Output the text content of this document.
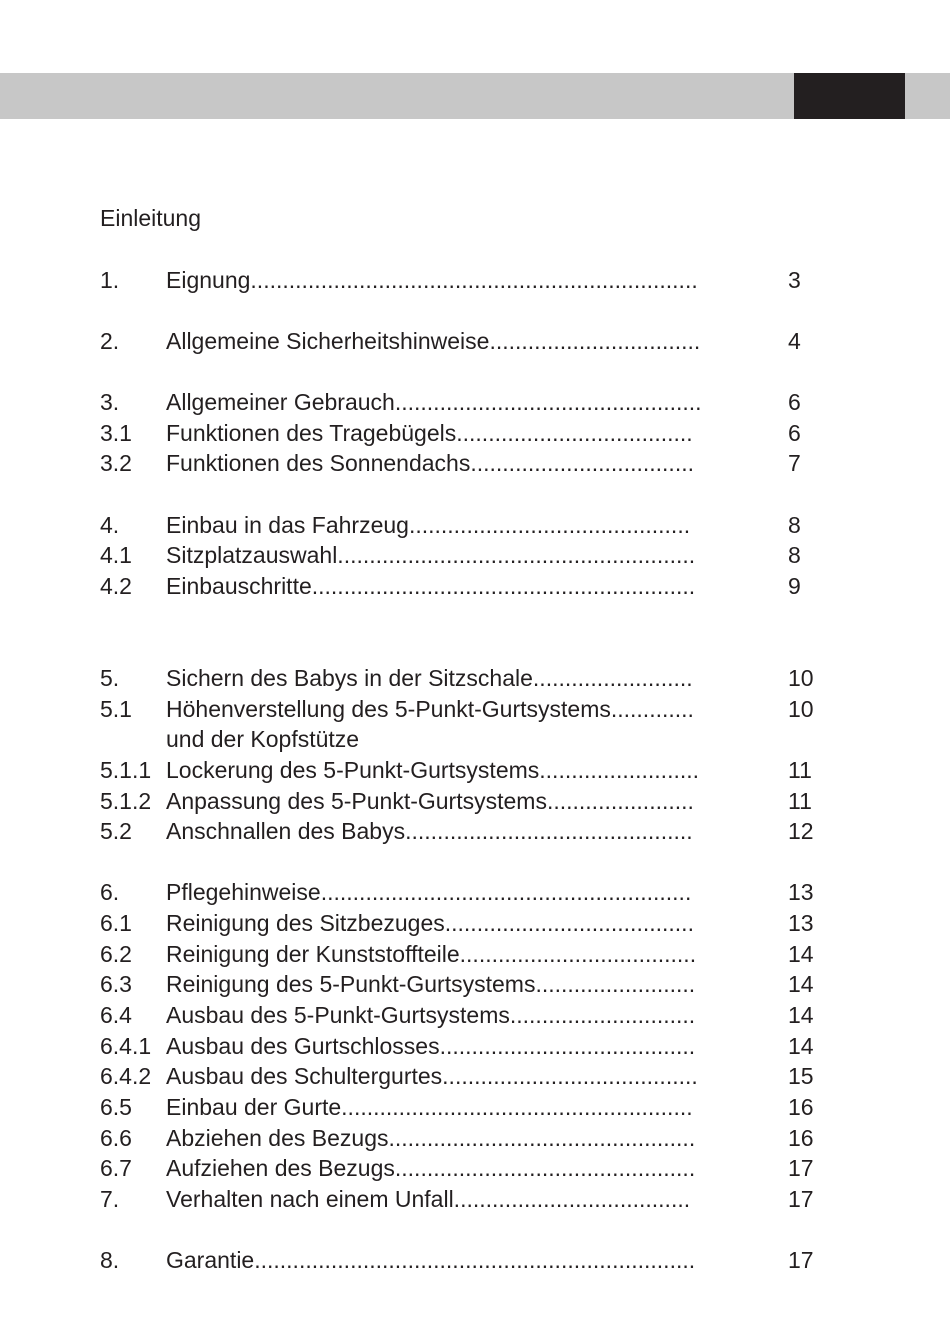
Einleitung
1. Eignung......................................................................	3
2. Allgemeine Sicherheitshinweise.................................	4
3. Allgemeiner Gebrauch................................................	6
3.1 Funktionen des Tragebügels.....................................	6
3.2 Funktionen des Sonnendachs...................................	7
4. Einbau in das Fahrzeug............................................	8
4.1 Sitzplatzauswahl........................................................	8
4.2 Einbauschritte............................................................	9
5. Sichern des Babys in der Sitzschale.........................	10
5.1 Höhenverstellung des 5-Punkt-Gurtsystems.............	10
und der Kopfstütze
5.1.1 Lockerung des 5-Punkt-Gurtsystems.........................	11
5.1.2 Anpassung des 5-Punkt-Gurtsystems.......................	11
5.2 Anschnallen des Babys.............................................	12
6. Pflegehinweise..........................................................	13
6.1 Reinigung des Sitzbezuges.......................................	13
6.2 Reinigung der Kunststoffteile.....................................	14
6.3 Reinigung des 5-Punkt-Gurtsystems.........................	14
6.4 Ausbau des 5-Punkt-Gurtsystems.............................	14
6.4.1 Ausbau des Gurtschlosses........................................	14
6.4.2 Ausbau des Schultergurtes........................................	15
6.5 Einbau der Gurte.......................................................	16
6.6 Abziehen des Bezugs................................................	16
6.7 Aufziehen des Bezugs...............................................	17
7. Verhalten nach einem Unfall.....................................	17
8. Garantie.....................................................................	17
